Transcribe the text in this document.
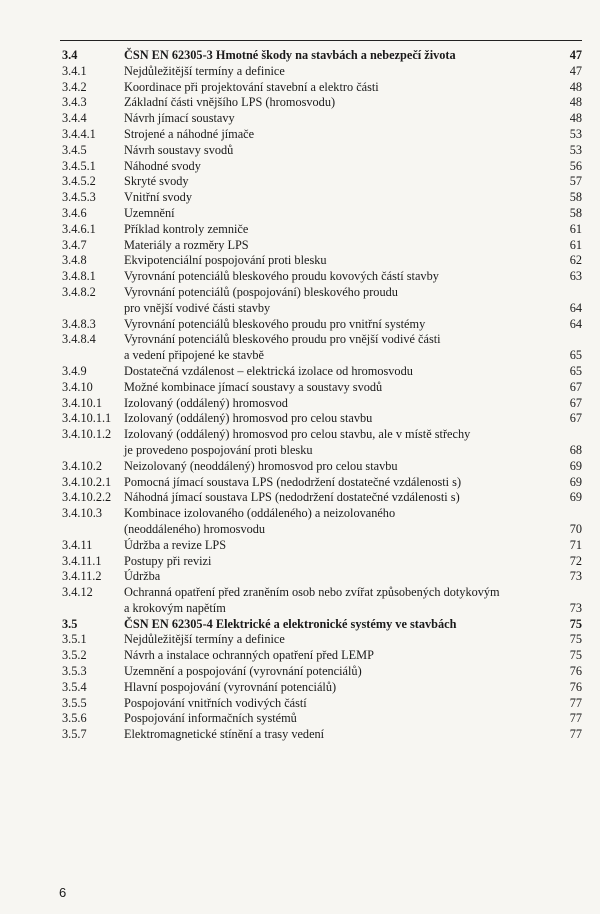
3.4	ČSN EN 62305-3 Hmotné škody na stavbách a nebezpečí života	47
3.4.1	Nejdůležitější termíny a definice	47
3.4.2	Koordinace při projektování stavební a elektro části	48
3.4.3	Základní části vnějšího LPS (hromosvodu)	48
3.4.4	Návrh jímací soustavy	48
3.4.4.1 Strojené a náhodné jímače	53
3.4.5	Návrh soustavy svodů	53
3.4.5.1 Náhodné svody	56
3.4.5.2 Skryté svody	57
3.4.5.3 Vnitřní svody	58
3.4.6	Uzemnění	58
3.4.6.1 Příklad kontroly zemniče	61
3.4.7	Materiály a rozměry LPS	61
3.4.8	Ekvipotenciální pospojování proti blesku	62
3.4.8.1 Vyrovnání potenciálů bleskového proudu kovových částí stavby	63
3.4.8.2 Vyrovnání potenciálů (pospojování) bleskového proudu
pro vnější vodivé části stavby	64
3.4.8.3 Vyrovnání potenciálů bleskového proudu pro vnitřní systémy	64
3.4.8.4 Vyrovnání potenciálů bleskového proudu pro vnější vodivé části
a vedení připojené ke stavbě	65
3.4.9	Dostatečná vzdálenost – elektrická izolace od hromosvodu	65
3.4.10	Možné kombinace jímací soustavy a soustavy svodů	67
3.4.10.1 Izolovaný (oddálený) hromosvod	67
3.4.10.1.1 Izolovaný (oddálený) hromosvod pro celou stavbu	67
3.4.10.1.2 Izolovaný (oddálený) hromosvod pro celou stavbu, ale v místě střechy
je provedeno pospojování proti blesku	68
3.4.10.2 Neizolovaný (neoddálený) hromosvod pro celou stavbu	69
3.4.10.2.1 Pomocná jímací soustava LPS (nedodržení dostatečné vzdálenosti s)	69
3.4.10.2.2 Náhodná jímací soustava LPS (nedodržení dostatečné vzdálenosti s)	69
3.4.10.3 Kombinace izolovaného (oddáleného) a neizolovaného
(neoddáleného) hromosvodu	70
3.4.11	Údržba a revize LPS	71
3.4.11.1 Postupy při revizi	72
3.4.11.2 Údržba	73
3.4.12	Ochranná opatření před zraněním osob nebo zvířat způsobených dotykovým
a krokovým napětím	73
3.5	ČSN EN 62305-4 Elektrické a elektronické systémy ve stavbách	75
3.5.1	Nejdůležitější termíny a definice	75
3.5.2	Návrh a instalace ochranných opatření před LEMP	75
3.5.3	Uzemnění a pospojování (vyrovnání potenciálů)	76
3.5.4	Hlavní pospojování (vyrovnání potenciálů)	76
3.5.5	Pospojování vnitřních vodivých částí	77
3.5.6	Pospojování informačních systémů	77
3.5.7	Elektromagnetické stínění a trasy vedení	77
6
